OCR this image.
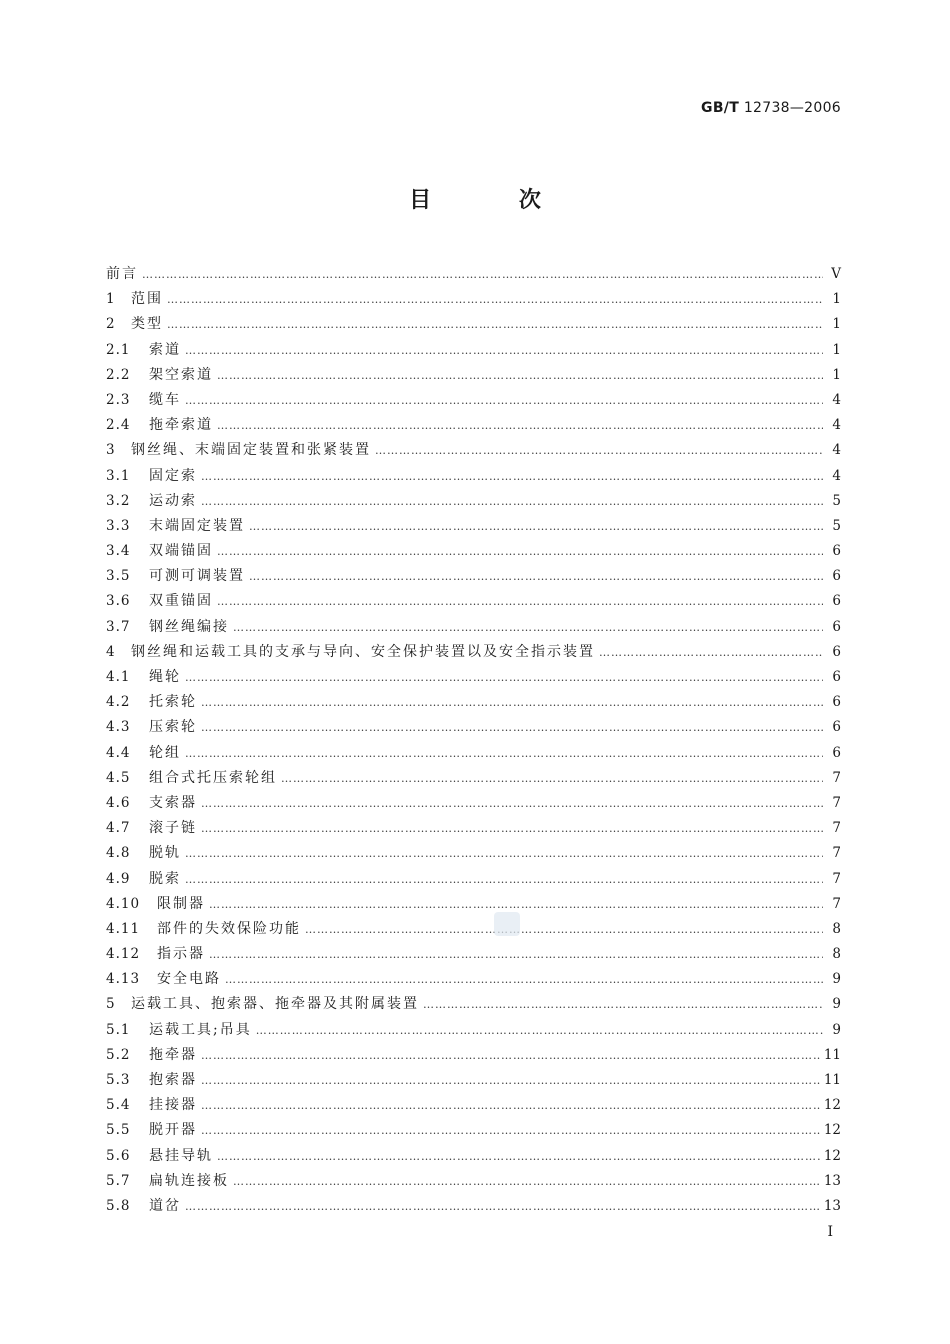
GB/T 12738—2006
目 次
前言 ……………………………………………………………………………………………………………………………………………………………………………………………………………………………………………………	V
1	范围 ……………………………………………………………………………………………………………………………………………………………………………………………………………………………………………………	1
2	类型 ……………………………………………………………………………………………………………………………………………………………………………………………………………………………………………………	1
2.1	索道 ……………………………………………………………………………………………………………………………………………………………………………………………………………………………………………………	1
2.2	架空索道 ……………………………………………………………………………………………………………………………………………………………………………………………………………………………………………………	1
2.3	缆车 ……………………………………………………………………………………………………………………………………………………………………………………………………………………………………………………	4
2.4	拖牵索道 ……………………………………………………………………………………………………………………………………………………………………………………………………………………………………………………	4
3	钢丝绳、末端固定装置和张紧装置 ……………………………………………………………………………………………………………………………………………………………………………………………………………………………………………………	4
3.1	固定索 ……………………………………………………………………………………………………………………………………………………………………………………………………………………………………………………	4
3.2	运动索 ……………………………………………………………………………………………………………………………………………………………………………………………………………………………………………………	5
3.3	末端固定装置 ……………………………………………………………………………………………………………………………………………………………………………………………………………………………………………………	5
3.4	双端锚固 ……………………………………………………………………………………………………………………………………………………………………………………………………………………………………………………	6
3.5	可测可调装置 ……………………………………………………………………………………………………………………………………………………………………………………………………………………………………………………	6
3.6	双重锚固 ……………………………………………………………………………………………………………………………………………………………………………………………………………………………………………………	6
3.7	钢丝绳编接 ……………………………………………………………………………………………………………………………………………………………………………………………………………………………………………………	6
4	钢丝绳和运载工具的支承与导向、安全保护装置以及安全指示装置 ……………………………………………………………………………………………………………………………………………………………………………………………………………………………………………………	6
4.1	绳轮 ……………………………………………………………………………………………………………………………………………………………………………………………………………………………………………………	6
4.2	托索轮 ……………………………………………………………………………………………………………………………………………………………………………………………………………………………………………………	6
4.3	压索轮 ……………………………………………………………………………………………………………………………………………………………………………………………………………………………………………………	6
4.4	轮组 ……………………………………………………………………………………………………………………………………………………………………………………………………………………………………………………	6
4.5	组合式托压索轮组 ……………………………………………………………………………………………………………………………………………………………………………………………………………………………………………………	7
4.6	支索器 ……………………………………………………………………………………………………………………………………………………………………………………………………………………………………………………	7
4.7	滚子链 ……………………………………………………………………………………………………………………………………………………………………………………………………………………………………………………	7
4.8	脱轨 ……………………………………………………………………………………………………………………………………………………………………………………………………………………………………………………	7
4.9	脱索 ……………………………………………………………………………………………………………………………………………………………………………………………………………………………………………………	7
4.10	限制器 ……………………………………………………………………………………………………………………………………………………………………………………………………………………………………………………	7
4.11	部件的失效保险功能 ……………………………………………………………………………………………………………………………………………………………………………………………………………………………………………………	8
4.12	指示器 ……………………………………………………………………………………………………………………………………………………………………………………………………………………………………………………	8
4.13	安全电路 ……………………………………………………………………………………………………………………………………………………………………………………………………………………………………………………	9
5	运载工具、抱索器、拖牵器及其附属装置 ……………………………………………………………………………………………………………………………………………………………………………………………………………………………………………………	9
5.1	运载工具;吊具 ……………………………………………………………………………………………………………………………………………………………………………………………………………………………………………………	9
5.2	拖牵器 ……………………………………………………………………………………………………………………………………………………………………………………………………………………………………………………	11
5.3	抱索器 ……………………………………………………………………………………………………………………………………………………………………………………………………………………………………………………	11
5.4	挂接器 ……………………………………………………………………………………………………………………………………………………………………………………………………………………………………………………	12
5.5	脱开器 ……………………………………………………………………………………………………………………………………………………………………………………………………………………………………………………	12
5.6	悬挂导轨 ……………………………………………………………………………………………………………………………………………………………………………………………………………………………………………………	12
5.7	扁轨连接板 ……………………………………………………………………………………………………………………………………………………………………………………………………………………………………………………	13
5.8	道岔 ……………………………………………………………………………………………………………………………………………………………………………………………………………………………………………………	13
I
